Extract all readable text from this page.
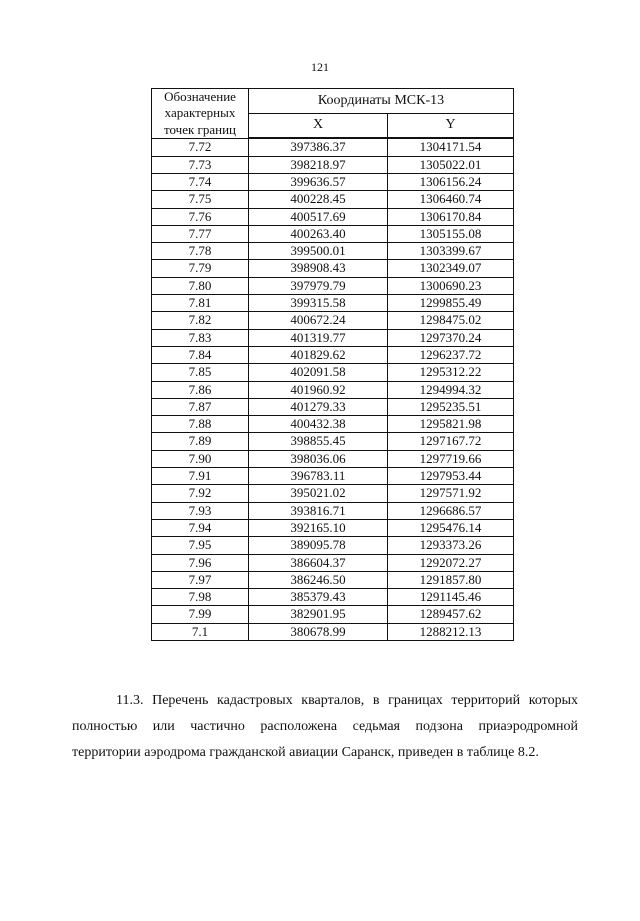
121
Обозначение характерных точек границ	Координаты МСК-13	
	X	Y
7.72	397386.37	1304171.54
7.73	398218.97	1305022.01
7.74	399636.57	1306156.24
7.75	400228.45	1306460.74
7.76	400517.69	1306170.84
7.77	400263.40	1305155.08
7.78	399500.01	1303399.67
7.79	398908.43	1302349.07
7.80	397979.79	1300690.23
7.81	399315.58	1299855.49
7.82	400672.24	1298475.02
7.83	401319.77	1297370.24
7.84	401829.62	1296237.72
7.85	402091.58	1295312.22
7.86	401960.92	1294994.32
7.87	401279.33	1295235.51
7.88	400432.38	1295821.98
7.89	398855.45	1297167.72
7.90	398036.06	1297719.66
7.91	396783.11	1297953.44
7.92	395021.02	1297571.92
7.93	393816.71	1296686.57
7.94	392165.10	1295476.14
7.95	389095.78	1293373.26
7.96	386604.37	1292072.27
7.97	386246.50	1291857.80
7.98	385379.43	1291145.46
7.99	382901.95	1289457.62
7.1	380678.99	1288212.13
11.3. Перечень кадастровых кварталов, в границах территорий которых полностью или частично расположена седьмая подзона приаэродромной территории аэродрома гражданской авиации Саранск, приведен в таблице 8.2.
